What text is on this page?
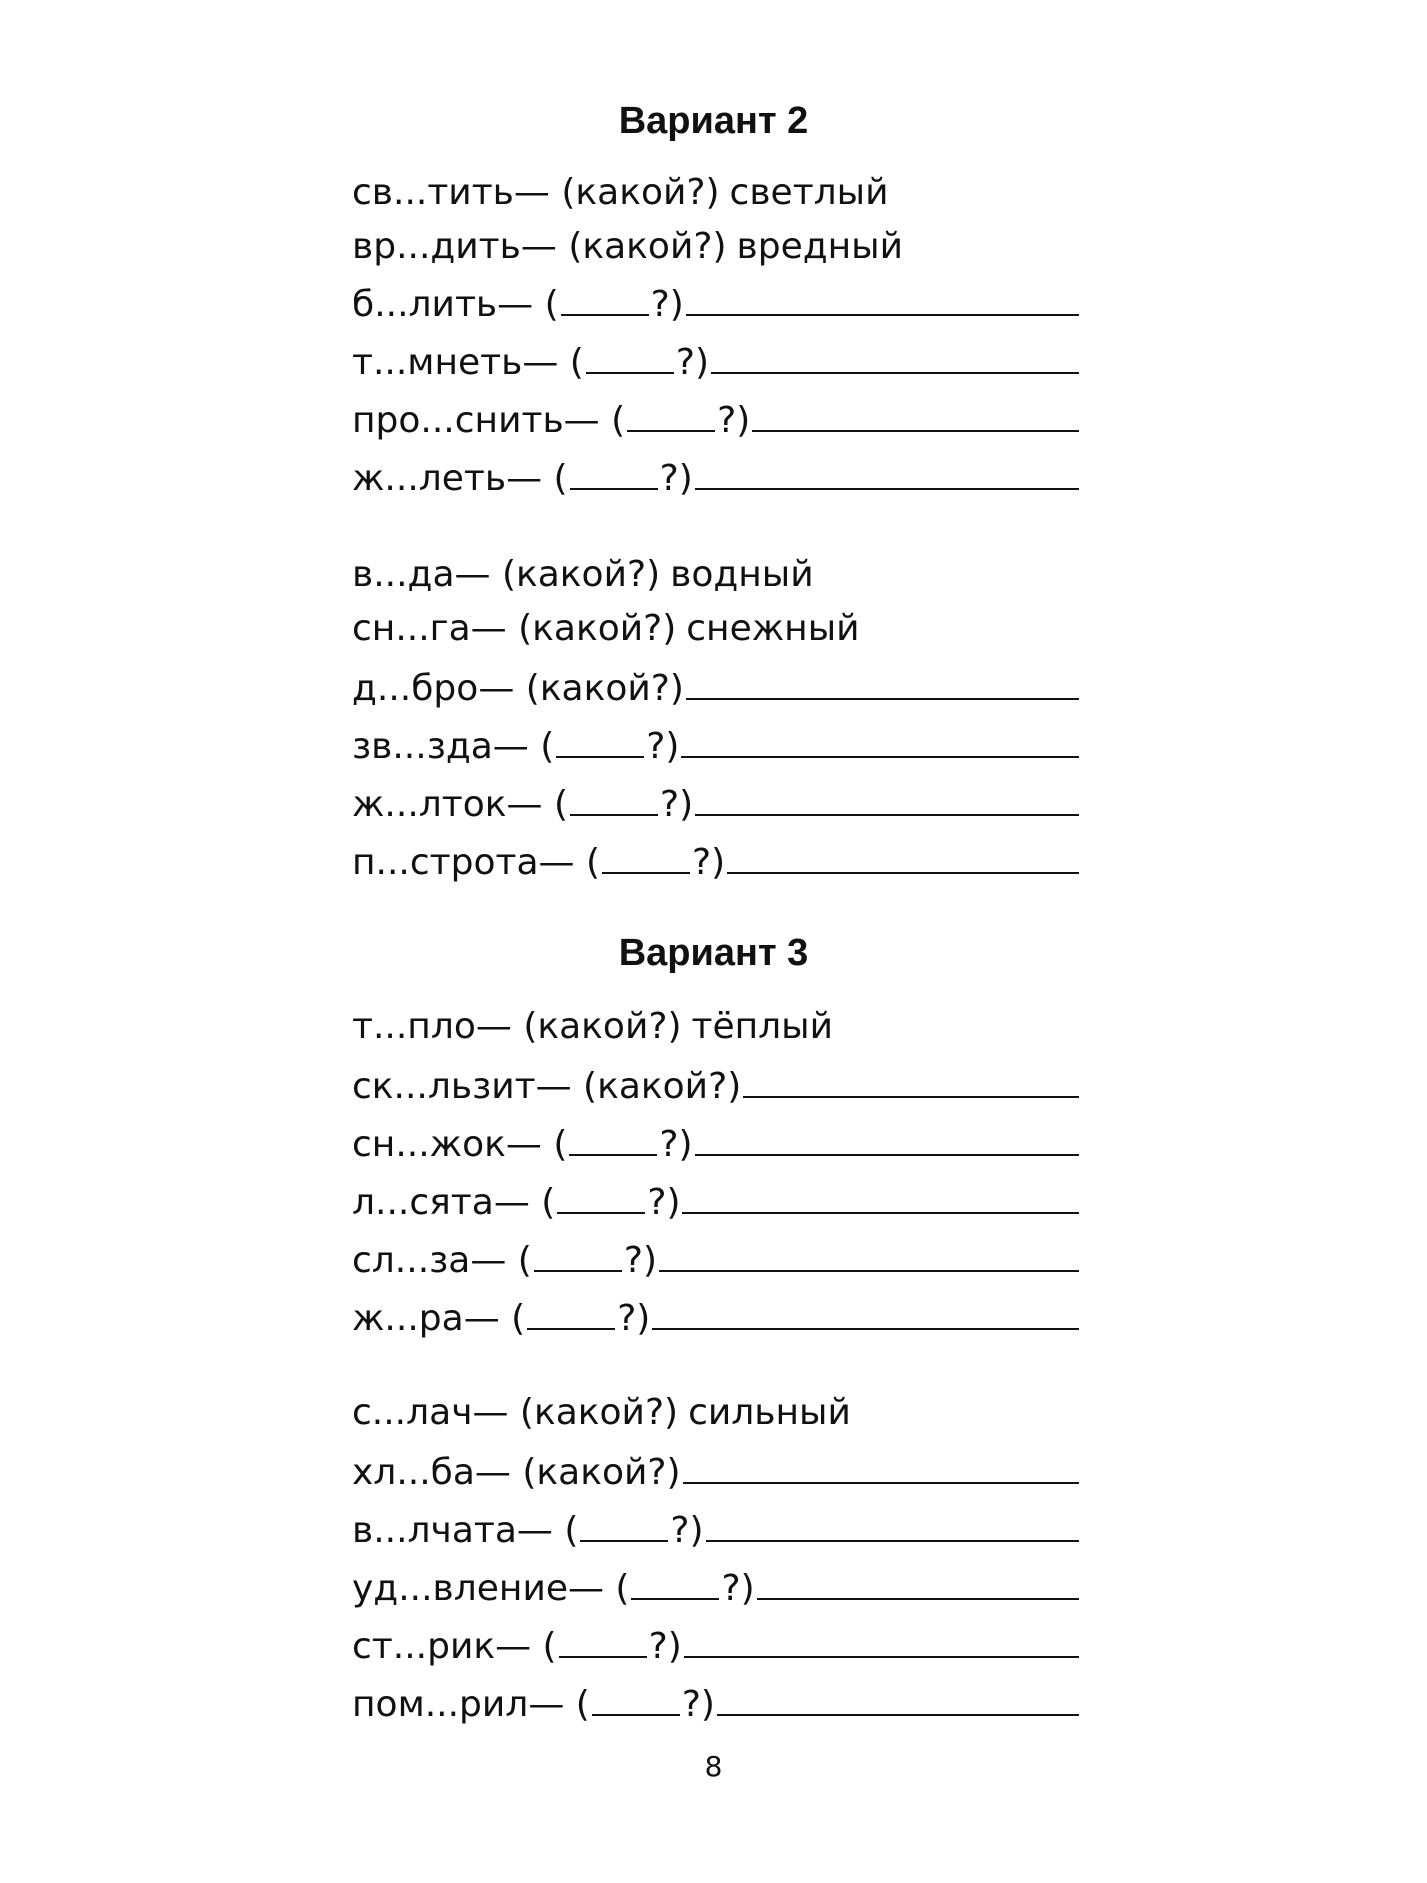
Вариант 2
св...тить — ( какой? ) светлый
вр...дить — ( какой? ) вредный
б...лить — (	? )
т...мнеть — (	? )
про...снить — (	? )
ж...леть — (	? )
в...да — ( какой? ) водный
сн...га — ( какой? ) снежный
д...бро — ( какой? )
зв...зда — (	? )
ж...лток — (	? )
п...строта — (	? )
Вариант 3
т...пло — ( какой? ) тёплый
ск...льзит — ( какой? )
сн...жок — (	? )
л...сята — (	? )
сл...за — (	? )
ж...ра — (	? )
с...лач — ( какой? ) сильный
хл...ба — ( какой? )
в...лчата — (	? )
уд...вление — (	? )
ст...рик — (	? )
пом...рил — (	? )
8
